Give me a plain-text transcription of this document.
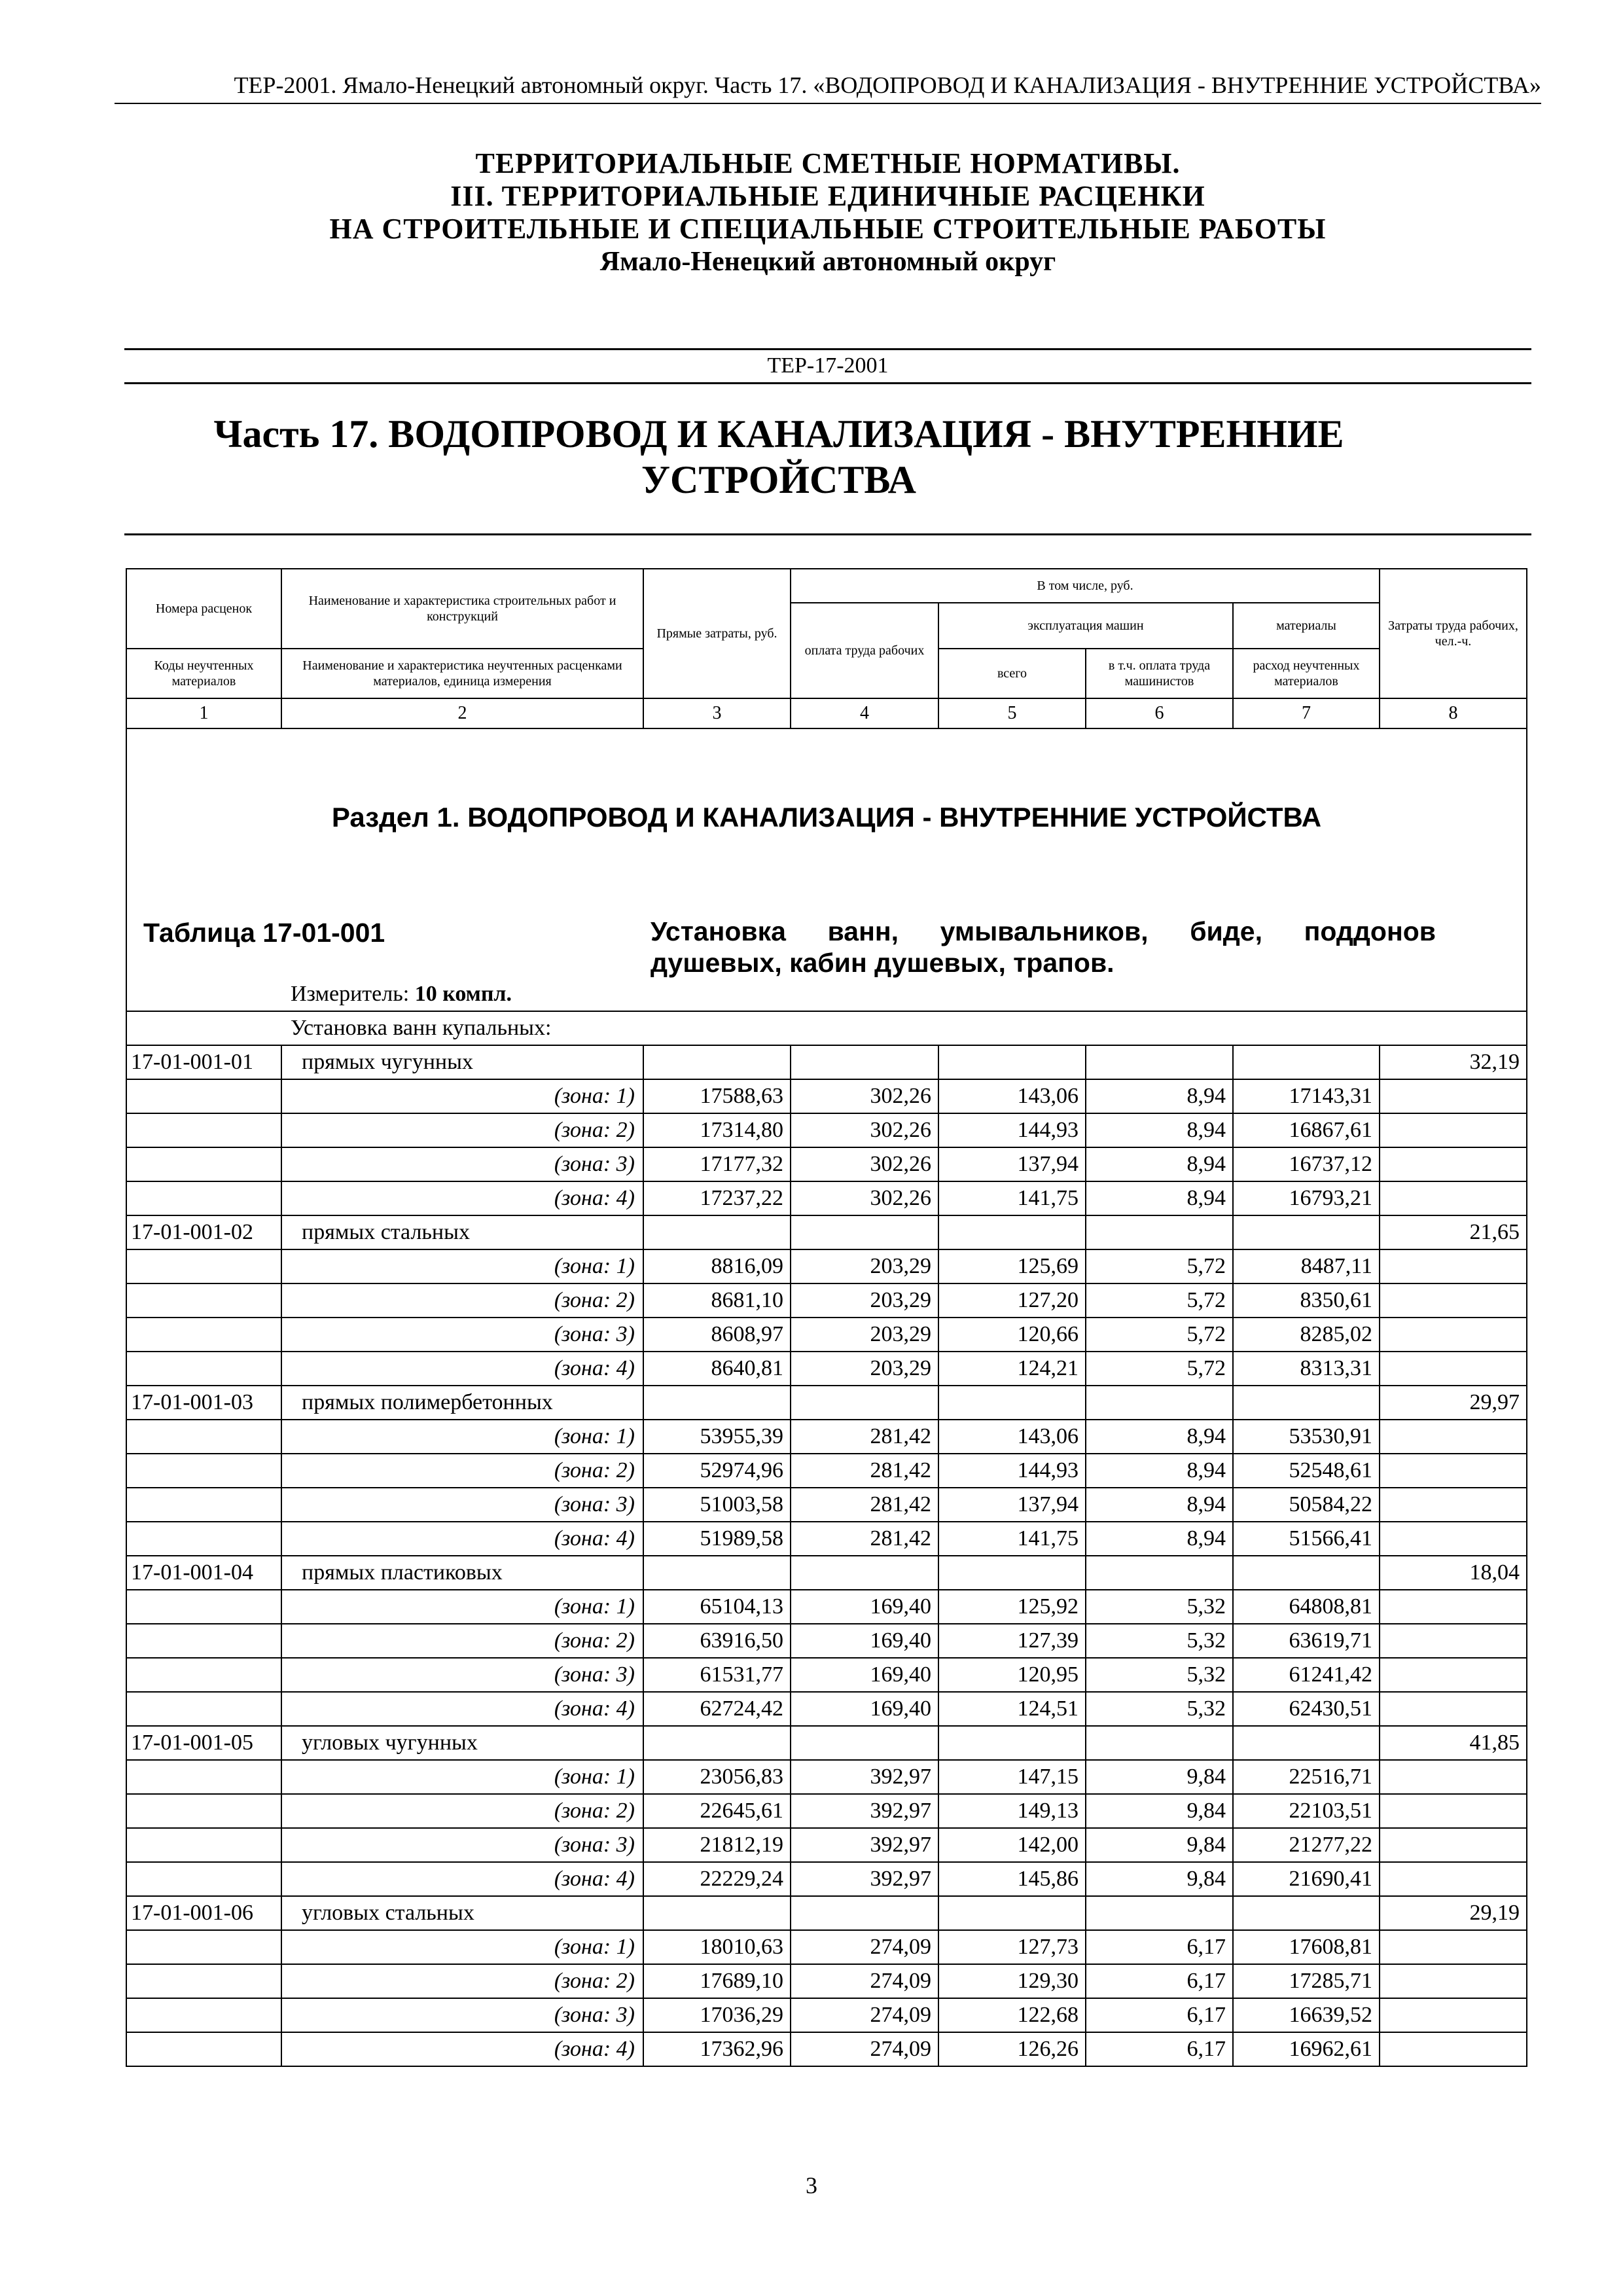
ТЕР-2001. Ямало-Ненецкий автономный округ. Часть 17. «ВОДОПРОВОД И КАНАЛИЗАЦИЯ - ВНУТРЕННИЕ УСТРОЙСТВА»
ТЕРРИТОРИАЛЬНЫЕ СМЕТНЫЕ НОРМАТИВЫ.
III. ТЕРРИТОРИАЛЬНЫЕ ЕДИНИЧНЫЕ РАСЦЕНКИ
НА СТРОИТЕЛЬНЫЕ И СПЕЦИАЛЬНЫЕ СТРОИТЕЛЬНЫЕ РАБОТЫ
Ямало-Ненецкий автономный округ
ТЕР-17-2001
Часть 17. ВОДОПРОВОД И КАНАЛИЗАЦИЯ - ВНУТРЕННИЕ
УСТРОЙСТВА
Номера расценок	Наименование и характеристика строительных работ и конструкций	Прямые затраты, руб.	В том числе, руб.				Затраты труда рабочих, чел.-ч.
			оплата труда рабочих	эксплуатация машин		материалы	
Коды неучтенных материалов	Наименование и характеристика неучтенных расценками материалов, единица измерения			всего	в т.ч. оплата труда машинистов	расход неучтенных материалов	
1	2	3	4	5	6	7	8

Раздел 1. ВОДОПРОВОД И КАНАЛИЗАЦИЯ - ВНУТРЕННИЕ УСТРОЙСТВА
Таблица 17-01-001 Установка ванн, умывальников, биде, поддонов душевых, кабин душевых, трапов.
Измеритель: 10 компл.							

Установка ванн купальных:							
17-01-001-01	прямых чугунных						32,19
	(зона: 1)	17588,63	302,26	143,06	8,94	17143,31	
	(зона: 2)	17314,80	302,26	144,93	8,94	16867,61	
	(зона: 3)	17177,32	302,26	137,94	8,94	16737,12	
	(зона: 4)	17237,22	302,26	141,75	8,94	16793,21	
17-01-001-02	прямых стальных						21,65
	(зона: 1)	8816,09	203,29	125,69	5,72	8487,11	
	(зона: 2)	8681,10	203,29	127,20	5,72	8350,61	
	(зона: 3)	8608,97	203,29	120,66	5,72	8285,02	
	(зона: 4)	8640,81	203,29	124,21	5,72	8313,31	
17-01-001-03	прямых полимербетонных						29,97
	(зона: 1)	53955,39	281,42	143,06	8,94	53530,91	
	(зона: 2)	52974,96	281,42	144,93	8,94	52548,61	
	(зона: 3)	51003,58	281,42	137,94	8,94	50584,22	
	(зона: 4)	51989,58	281,42	141,75	8,94	51566,41	
17-01-001-04	прямых пластиковых						18,04
	(зона: 1)	65104,13	169,40	125,92	5,32	64808,81	
	(зона: 2)	63916,50	169,40	127,39	5,32	63619,71	
	(зона: 3)	61531,77	169,40	120,95	5,32	61241,42	
	(зона: 4)	62724,42	169,40	124,51	5,32	62430,51	
17-01-001-05	угловых чугунных						41,85
	(зона: 1)	23056,83	392,97	147,15	9,84	22516,71	
	(зона: 2)	22645,61	392,97	149,13	9,84	22103,51	
	(зона: 3)	21812,19	392,97	142,00	9,84	21277,22	
	(зона: 4)	22229,24	392,97	145,86	9,84	21690,41	
17-01-001-06	угловых стальных						29,19
	(зона: 1)	18010,63	274,09	127,73	6,17	17608,81	
	(зона: 2)	17689,10	274,09	129,30	6,17	17285,71	
	(зона: 3)	17036,29	274,09	122,68	6,17	16639,52	
	(зона: 4)	17362,96	274,09	126,26	6,17	16962,61	
3
